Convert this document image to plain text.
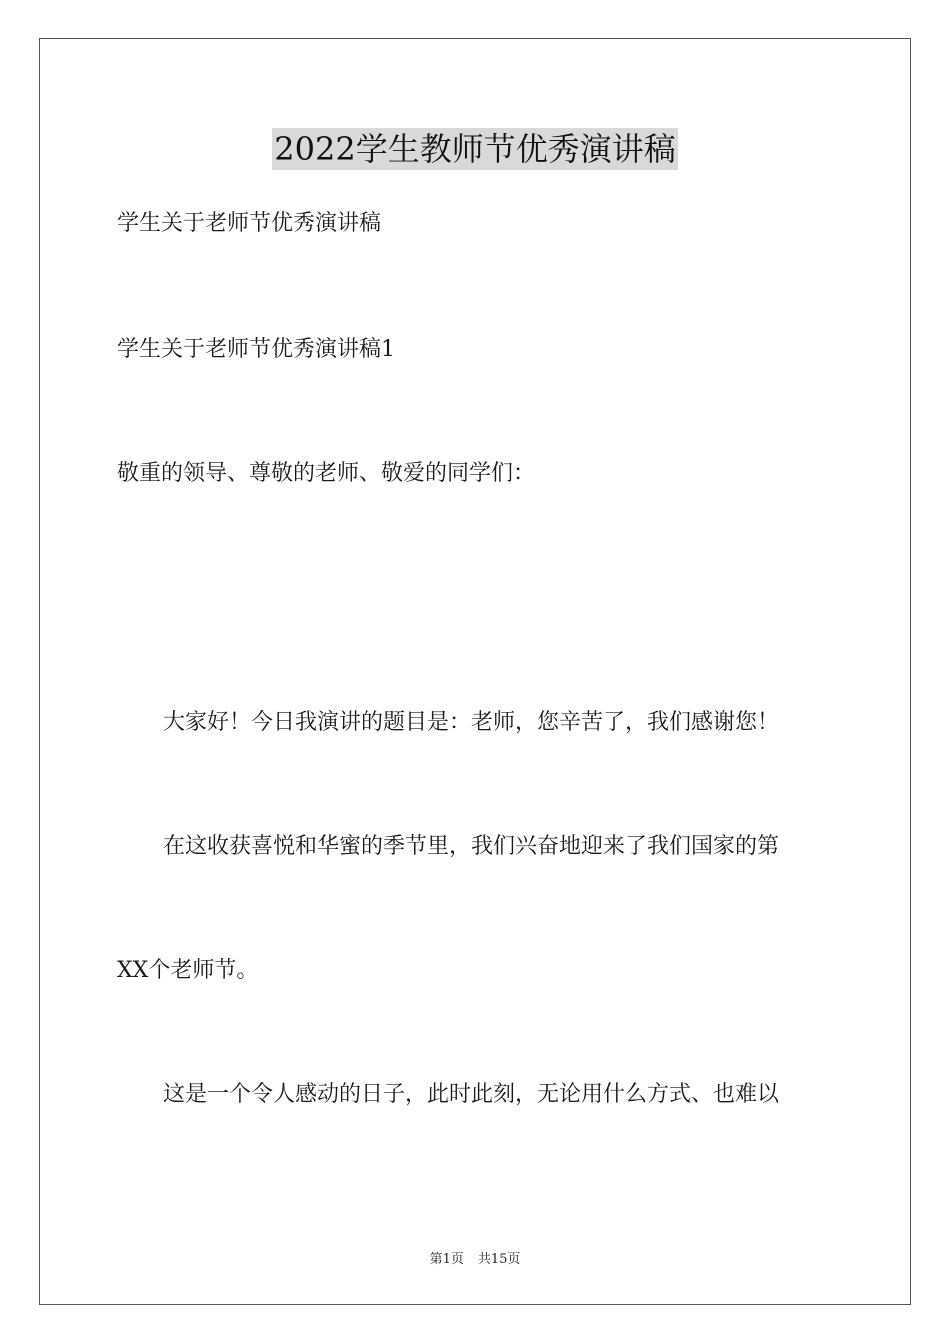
2022学生教师节优秀演讲稿
学生关于老师节优秀演讲稿
学生关于老师节优秀演讲稿1
敬重的领导、尊敬的老师、敬爱的同学们：
大家好！今日我演讲的题目是：老师，您辛苦了，我们感谢您！
在这收获喜悦和华蜜的季节里，我们兴奋地迎来了我们国家的第
XX个老师节。
这是一个令人感动的日子，此时此刻，无论用什么方式、也难以
第1页 共15页
